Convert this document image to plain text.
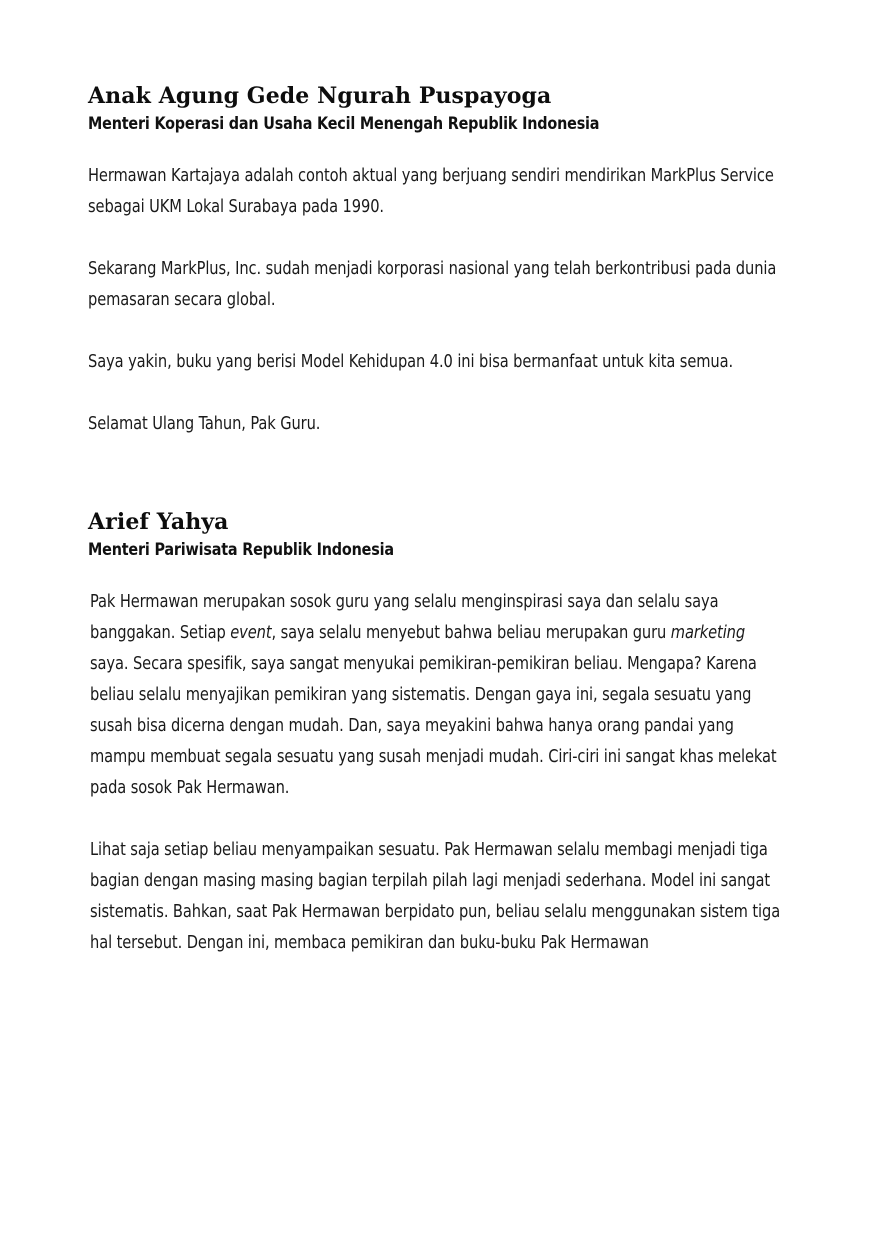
Anak Agung Gede Ngurah Puspayoga
Menteri Koperasi dan Usaha Kecil Menengah Republik Indonesia

Hermawan Kartajaya adalah contoh aktual yang berjuang sendiri mendirikan MarkPlus Service sebagai UKM Lokal Surabaya pada 1990.

Sekarang MarkPlus, Inc. sudah menjadi korporasi nasional yang telah berkontribusi pada dunia pemasaran secara global.

Saya yakin, buku yang berisi Model Kehidupan 4.0 ini bisa bermanfaat untuk kita semua.

Selamat Ulang Tahun, Pak Guru.

Arief Yahya
Menteri Pariwisata Republik Indonesia

Pak Hermawan merupakan sosok guru yang selalu menginspirasi saya dan selalu saya banggakan. Setiap event, saya selalu menyebut bahwa beliau merupakan guru marketing saya. Secara spesifik, saya sangat menyukai pemikiran-pemikiran beliau. Mengapa? Karena beliau selalu menyajikan pemikiran yang sistematis. Dengan gaya ini, segala sesuatu yang susah bisa dicerna dengan mudah. Dan, saya meyakini bahwa hanya orang pandai yang mampu membuat segala sesuatu yang susah menjadi mudah. Ciri-ciri ini sangat khas melekat pada sosok Pak Hermawan.

Lihat saja setiap beliau menyampaikan sesuatu. Pak Hermawan selalu membagi menjadi tiga bagian dengan masing masing bagian terpilah pilah lagi menjadi sederhana. Model ini sangat sistematis. Bahkan, saat Pak Hermawan berpidato pun, beliau selalu menggunakan sistem tiga hal tersebut. Dengan ini, membaca pemikiran dan buku-buku Pak Hermawan
